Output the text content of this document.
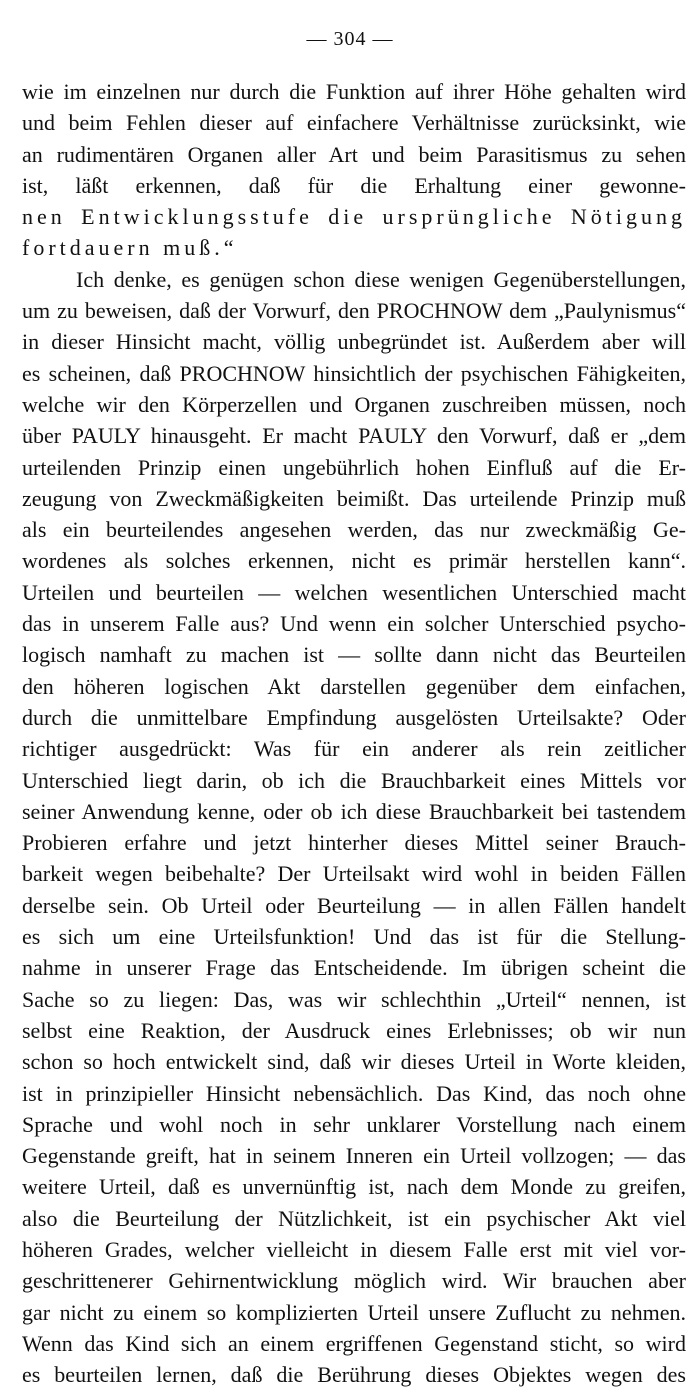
— 304 —
wie im einzelnen nur durch die Funktion auf ihrer Höhe gehalten wird
und beim Fehlen dieser auf einfachere Verhältnisse zurücksinkt, wie
an rudimentären Organen aller Art und beim Parasitismus zu sehen
ist, läßt erkennen, daß für die Erhaltung einer gewonne-
nen Entwicklungsstufe die ursprüngliche Nötigung
fortdauern muß.“
Ich denke, es genügen schon diese wenigen Gegenüberstellungen,
um zu beweisen, daß der Vorwurf, den PROCHNOW dem „Paulynismus“
in dieser Hinsicht macht, völlig unbegründet ist. Außerdem aber will
es scheinen, daß PROCHNOW hinsichtlich der psychischen Fähigkeiten,
welche wir den Körperzellen und Organen zuschreiben müssen, noch
über PAULY hinausgeht. Er macht PAULY den Vorwurf, daß er „dem
urteilenden Prinzip einen ungebührlich hohen Einfluß auf die Er-
zeugung von Zweckmäßigkeiten beimißt. Das urteilende Prinzip muß
als ein beurteilendes angesehen werden, das nur zweckmäßig Ge-
wordenes als solches erkennen, nicht es primär herstellen kann“.
Urteilen und beurteilen — welchen wesentlichen Unterschied macht
das in unserem Falle aus? Und wenn ein solcher Unterschied psycho-
logisch namhaft zu machen ist — sollte dann nicht das Beurteilen
den höheren logischen Akt darstellen gegenüber dem einfachen,
durch die unmittelbare Empfindung ausgelösten Urteilsakte? Oder
richtiger ausgedrückt: Was für ein anderer als rein zeitlicher
Unterschied liegt darin, ob ich die Brauchbarkeit eines Mittels vor
seiner Anwendung kenne, oder ob ich diese Brauchbarkeit bei tastendem
Probieren erfahre und jetzt hinterher dieses Mittel seiner Brauch-
barkeit wegen beibehalte? Der Urteilsakt wird wohl in beiden Fällen
derselbe sein. Ob Urteil oder Beurteilung — in allen Fällen handelt
es sich um eine Urteilsfunktion! Und das ist für die Stellung-
nahme in unserer Frage das Entscheidende. Im übrigen scheint die
Sache so zu liegen: Das, was wir schlechthin „Urteil“ nennen, ist
selbst eine Reaktion, der Ausdruck eines Erlebnisses; ob wir nun
schon so hoch entwickelt sind, daß wir dieses Urteil in Worte kleiden,
ist in prinzipieller Hinsicht nebensächlich. Das Kind, das noch ohne
Sprache und wohl noch in sehr unklarer Vorstellung nach einem
Gegenstande greift, hat in seinem Inneren ein Urteil vollzogen; — das
weitere Urteil, daß es unvernünftig ist, nach dem Monde zu greifen,
also die Beurteilung der Nützlichkeit, ist ein psychischer Akt viel
höheren Grades, welcher vielleicht in diesem Falle erst mit viel vor-
geschrittenerer Gehirnentwicklung möglich wird. Wir brauchen aber
gar nicht zu einem so komplizierten Urteil unsere Zuflucht zu nehmen.
Wenn das Kind sich an einem ergriffenen Gegenstand sticht, so wird
es beurteilen lernen, daß die Berührung dieses Objektes wegen des
